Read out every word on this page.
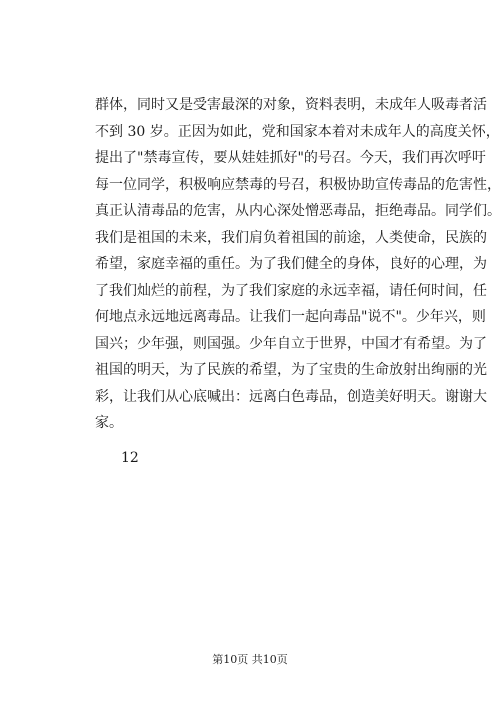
群体，同时又是受害最深的对象，资料表明，未成年人吸毒者活
不到 30 岁。正因为如此，党和国家本着对未成年人的高度关怀，
提出了"禁毒宣传，要从娃娃抓好"的号召。今天，我们再次呼吁
每一位同学，积极响应禁毒的号召，积极协助宣传毒品的危害性，
真正认清毒品的危害，从内心深处憎恶毒品，拒绝毒品。同学们。
我们是祖国的未来，我们肩负着祖国的前途，人类使命，民族的
希望，家庭幸福的重任。为了我们健全的身体，良好的心理，为
了我们灿烂的前程，为了我们家庭的永远幸福，请任何时间，任
何地点永远地远离毒品。让我们一起向毒品"说不"。少年兴，则
国兴；少年强，则国强。少年自立于世界，中国才有希望。为了
祖国的明天，为了民族的希望，为了宝贵的生命放射出绚丽的光
彩，让我们从心底喊出：远离白色毒品，创造美好明天。谢谢大
家。
12
第10页 共10页
